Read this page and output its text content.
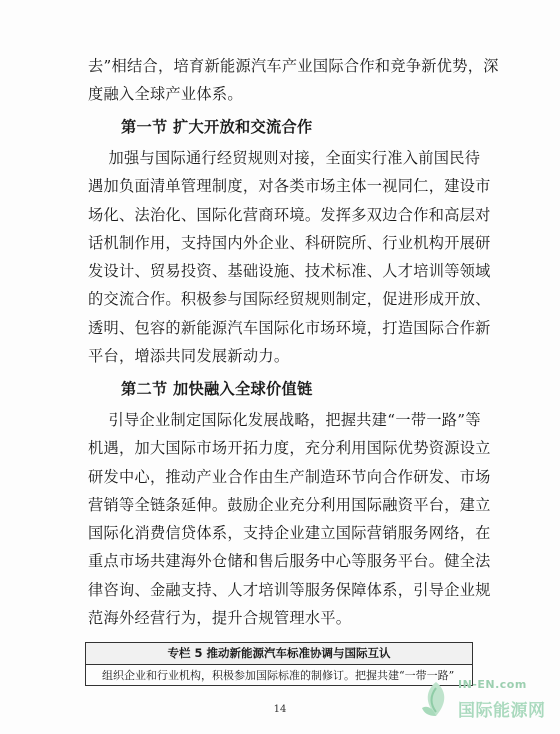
去”相结合，培育新能源汽车产业国际合作和竞争新优势，深
度融入全球产业体系。
第一节 扩大开放和交流合作
加强与国际通行经贸规则对接，全面实行准入前国民待
遇加负面清单管理制度，对各类市场主体一视同仁，建设市
场化、法治化、国际化营商环境。发挥多双边合作和高层对
话机制作用，支持国内外企业、科研院所、行业机构开展研
发设计、贸易投资、基础设施、技术标准、人才培训等领域
的交流合作。积极参与国际经贸规则制定，促进形成开放、
透明、包容的新能源汽车国际化市场环境，打造国际合作新
平台，增添共同发展新动力。
第二节 加快融入全球价值链
引导企业制定国际化发展战略，把握共建“一带一路”等
机遇，加大国际市场开拓力度，充分利用国际优势资源设立
研发中心，推动产业合作由生产制造环节向合作研发、市场
营销等全链条延伸。鼓励企业充分利用国际融资平台，建立
国际化消费信贷体系，支持企业建立国际营销服务网络，在
重点市场共建海外仓储和售后服务中心等服务平台。健全法
律咨询、金融支持、人才培训等服务保障体系，引导企业规
范海外经营行为，提升合规管理水平。
专栏 5 推动新能源汽车标准协调与国际互认
组织企业和行业机构，积极参加国际标准的制修订。把握共建“一带一路”
14
IN-EN.com
国际能源网
